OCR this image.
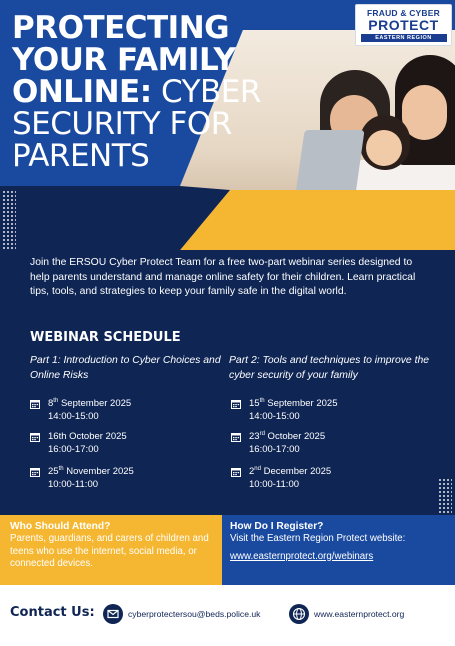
PROTECTING
YOUR FAMILY
ONLINE: CYBER
SECURITY FOR
PARENTS
FRAUD & CYBER
PROTECT
EASTERN REGION

Join the ERSOU Cyber Protect Team for a free two-part webinar series designed to help parents understand and manage online safety for their children. Learn practical tips, tools, and strategies to keep your family safe in the digital world.

WEBINAR SCHEDULE
Part 1: Introduction to Cyber Choices and Online Risks
Part 2: Tools and techniques to improve the cyber security of your family
8th September 2025
14:00-15:00
16th October 2025
16:00-17:00
25th November 2025
10:00-11:00
15th September 2025
14:00-15:00
23rd October 2025
16:00-17:00
2nd December 2025
10:00-11:00
Who Should Attend?
Parents, guardians, and carers of children and teens who use the internet, social media, or connected devices.
How Do I Register?
Visit the Eastern Region Protect website:
www.easternprotect.org/webinars
Contact Us:	cyberprotectersou@beds.police.uk	www.easternprotect.org
